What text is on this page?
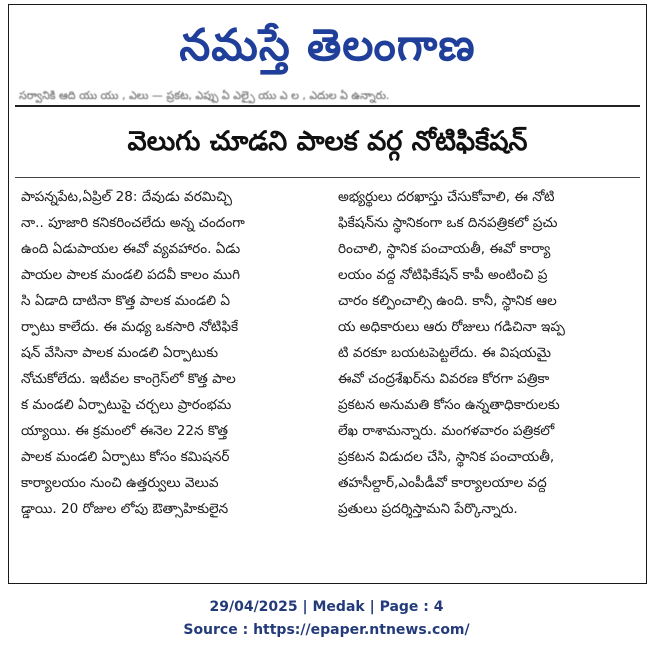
నమస్తే తెలంగాణ
సర్వానికి ఆది యు యు , ఎలు — ప్రకట, ఎప్పు ఏ ఎల్పై యు ఎ ల , ఎదుల ఏ ఉన్నారు.
వెలుగు చూడని పాలక వర్గ నోటిఫికేషన్
పాపన్నపేట,ఏప్రిల్ 28: దేవుడు వరమిచ్చి
నా.. పూజారి కనికరించలేదు అన్న చందంగా
ఉంది ఏడుపాయల ఈవో వ్యవహారం. ఏడు
పాయల పాలక మండలి పదవీ కాలం ముగి
సి ఏడాది దాటినా కొత్త పాలక మండలి ఏ
ర్పాటు కాలేదు. ఈ మధ్య ఒకసారి నోటిఫికే
షన్ వేసినా పాలక మండలి ఏర్పాటుకు
నోచుకోలేదు. ఇటీవల కాంగ్రెస్‌లో కొత్త పాల
క మండలి ఏర్పాటుపై చర్చలు ప్రారంభమ
య్యాయి. ఈ క్రమంలో ఈనెల 22న కొత్త
పాలక మండలి ఏర్పాటు కోసం కమిషనర్
కార్యాలయం నుంచి ఉత్తర్వులు వెలువ
డ్డాయి. 20 రోజుల లోపు ఔత్సాహికులైన
అభ్యర్థులు దరఖాస్తు చేసుకోవాలి, ఈ నోటి
ఫికేషన్‌ను స్థానికంగా ఒక దినపత్రికలో ప్రచు
రించాలి, స్థానిక పంచాయతీ, ఈవో కార్యా
లయం వద్ద నోటిఫికేషన్ కాపీ అంటించి ప్ర
చారం కల్పించాల్సి ఉంది. కానీ, స్థానిక ఆల
య అధికారులు ఆరు రోజులు గడిచినా ఇప్ప
టి వరకూ బయటపెట్టలేదు. ఈ విషయమై
ఈవో చంద్రశేఖర్‌ను వివరణ కోరగా పత్రికా
ప్రకటన అనుమతి కోసం ఉన్నతాధికారులకు
లేఖ రాశామన్నారు. మంగళవారం పత్రికలో
ప్రకటన విడుదల చేసి, స్థానిక పంచాయతీ,
తహసీల్దార్,ఎంపీడీవో కార్యాలయాల వద్ద
ప్రతులు ప్రదర్శిస్తామని పేర్కొన్నారు.
29/04/2025 | Medak | Page : 4
Source : https://epaper.ntnews.com/
